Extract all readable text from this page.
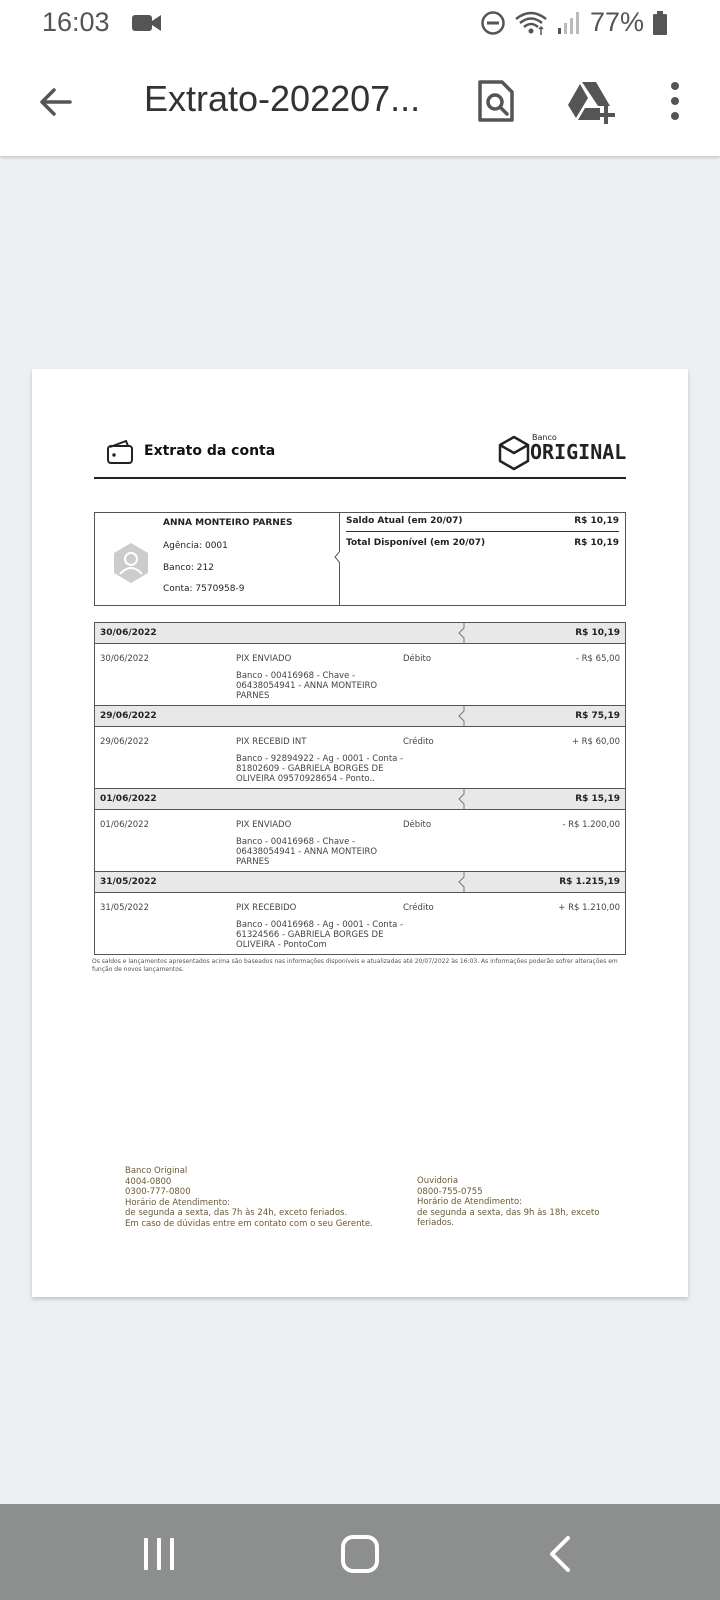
16:03	77%
Extrato-202207...
Extrato da conta
Banco
ORIGINAL
ANNA MONTEIRO PARNES
Agência: 0001
Banco: 212
Conta: 7570958-9
Saldo Atual (em 20/07)	R$ 10,19
Total Disponível (em 20/07)	R$ 10,19
30/06/2022	R$ 10,19
30/06/2022	PIX ENVIADO	Débito	- R$ 65,00
Banco - 00416968 - Chave - 06438054941 - ANNA MONTEIRO PARNES
29/06/2022	R$ 75,19
29/06/2022	PIX RECEBID INT	Crédito	+ R$ 60,00
Banco - 92894922 - Ag - 0001 - Conta - 81802609 - GABRIELA BORGES DE OLIVEIRA 09570928654 - Ponto..
01/06/2022	R$ 15,19
01/06/2022	PIX ENVIADO	Débito	- R$ 1.200,00
Banco - 00416968 - Chave - 06438054941 - ANNA MONTEIRO PARNES
31/05/2022	R$ 1.215,19
31/05/2022	PIX RECEBIDO	Crédito	+ R$ 1.210,00
Banco - 00416968 - Ag - 0001 - Conta - 61324566 - GABRIELA BORGES DE OLIVEIRA - PontoCom
Os saldos e lançamentos apresentados acima são baseados nas informações disponíveis e atualizadas até 20/07/2022 às 16:03. As informações poderão sofrer alterações em função de novos lançamentos.
Banco Original
4004-0800
0300-777-0800
Horário de Atendimento:
de segunda a sexta, das 7h às 24h, exceto feriados.
Em caso de dúvidas entre em contato com o seu Gerente.
Ouvidoria
0800-755-0755
Horário de Atendimento:
de segunda a sexta, das 9h às 18h, exceto feriados.
